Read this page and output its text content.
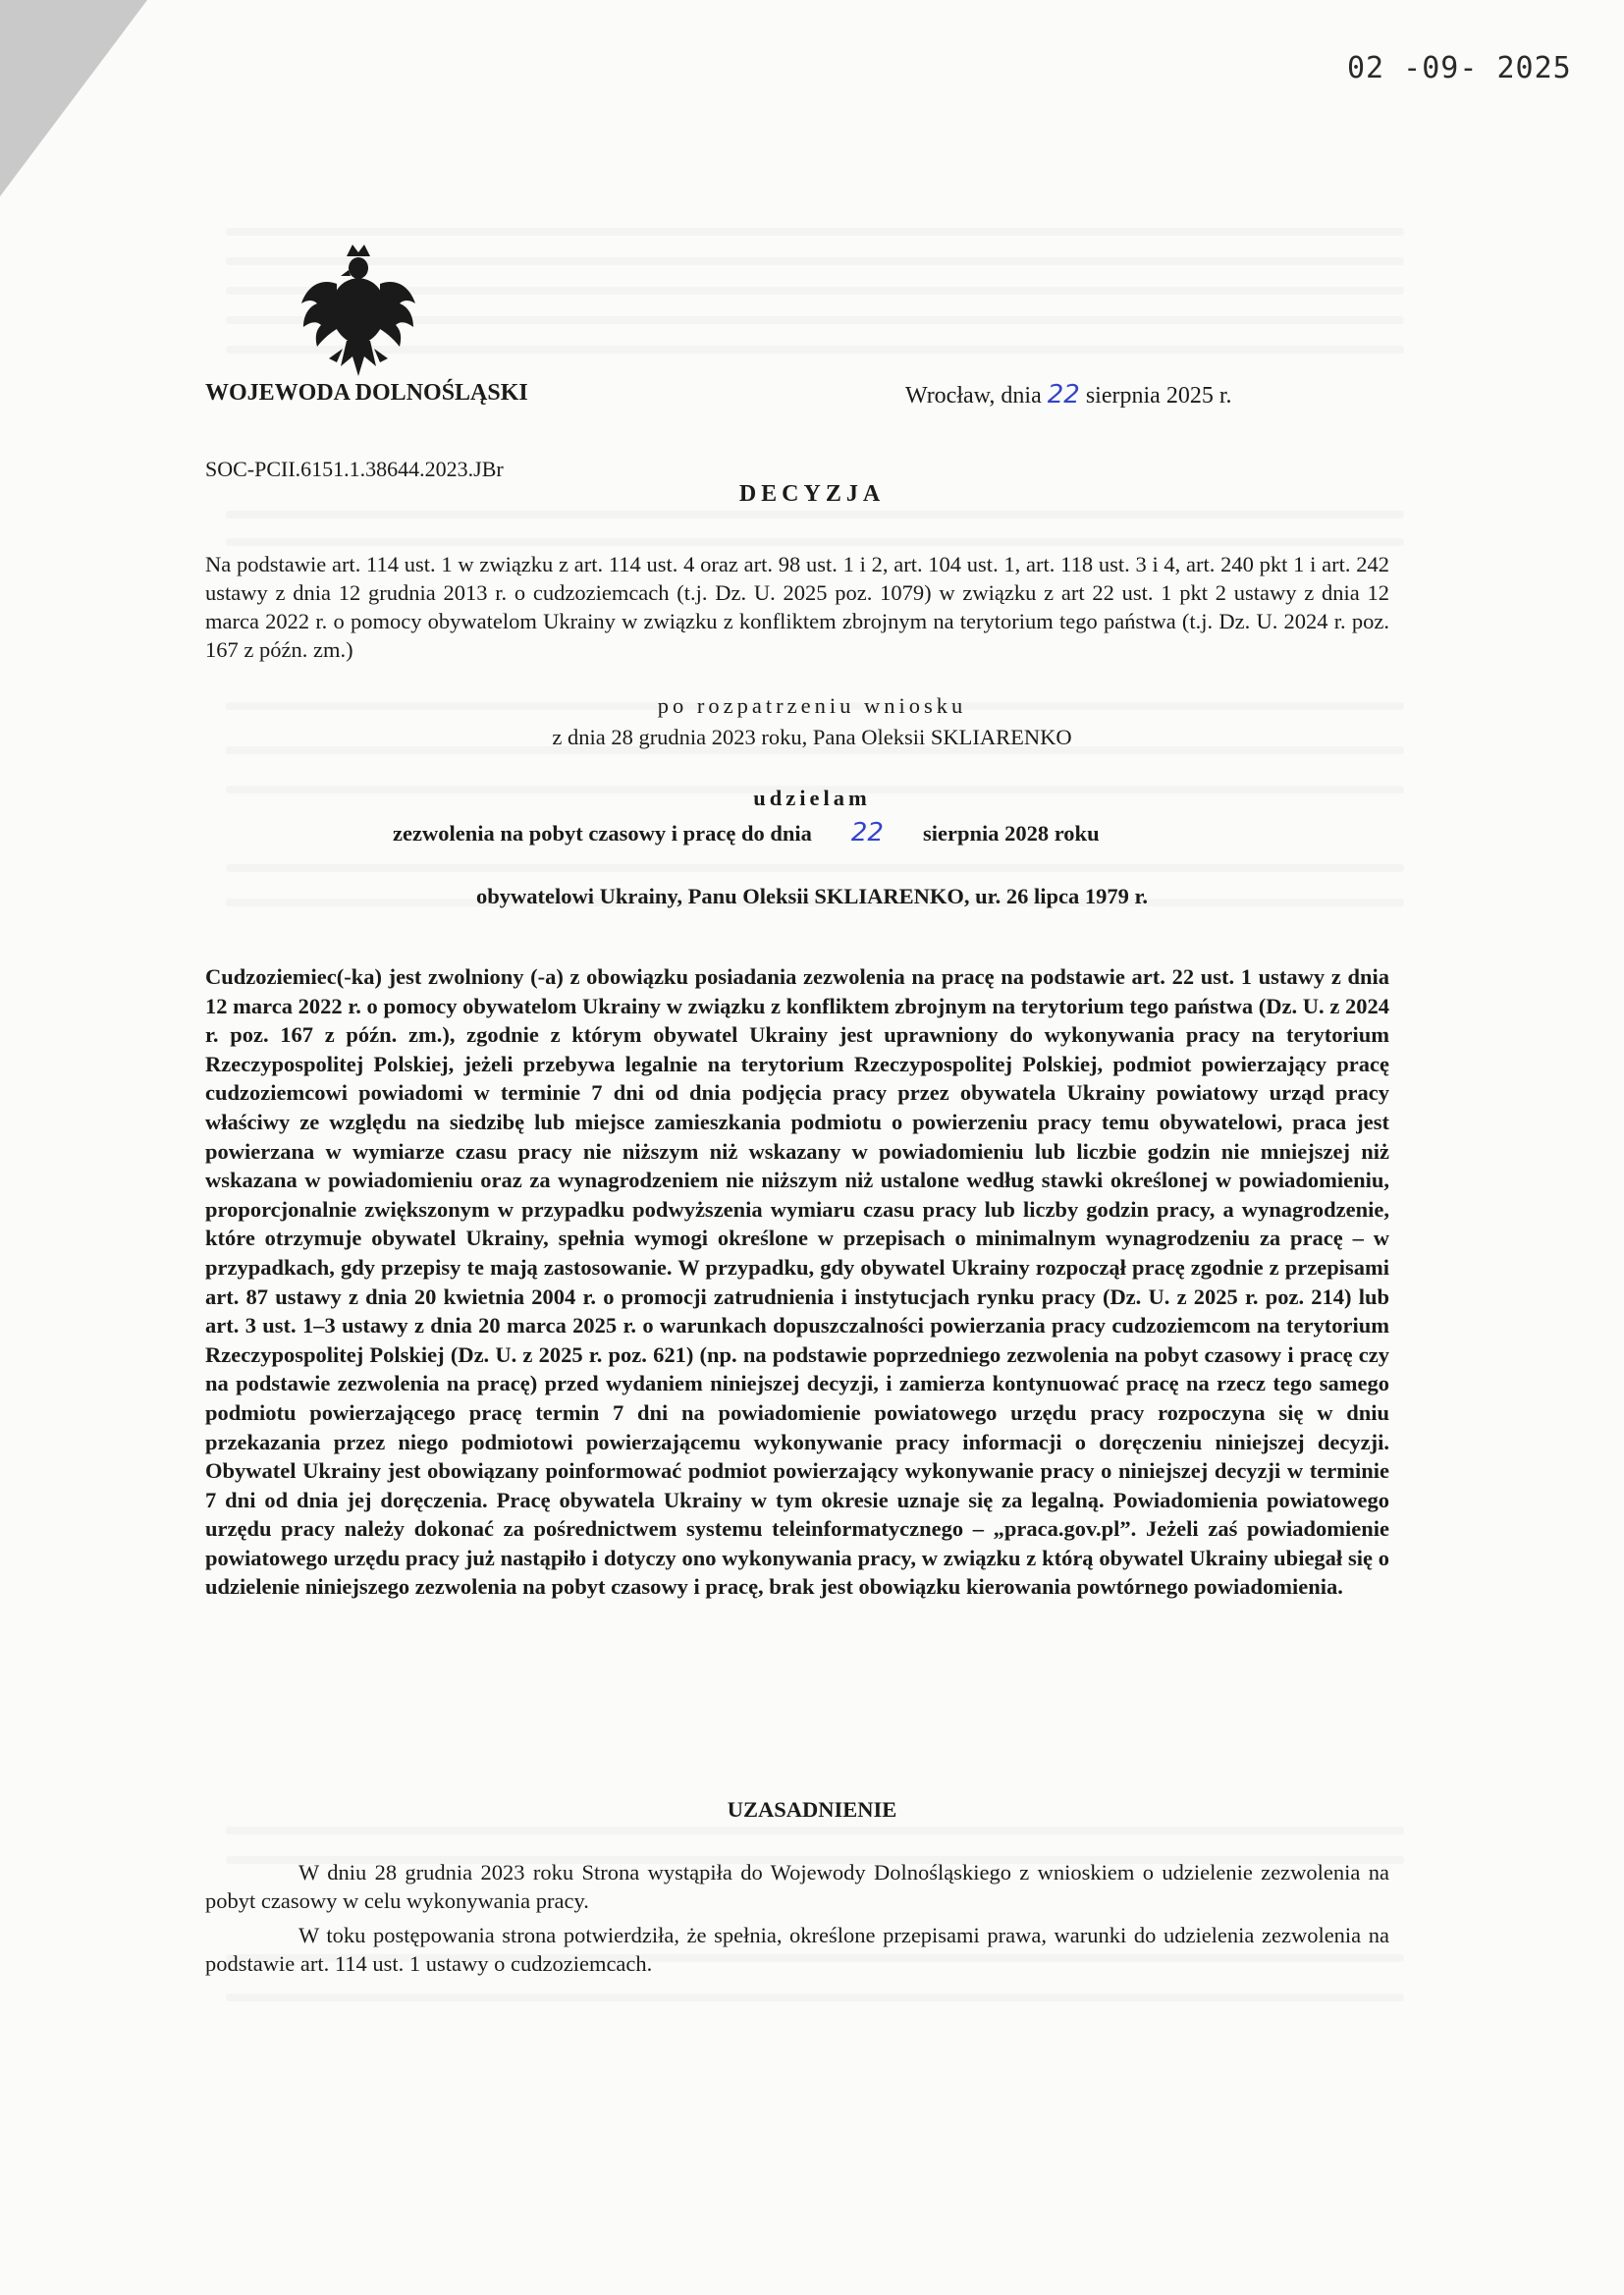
02 -09- 2025
WOJEWODA DOLNOŚLĄSKI	Wrocław, dnia 22 sierpnia 2025 r.
SOC-PCII.6151.1.38644.2023.JBr
DECYZJA
Na podstawie art. 114 ust. 1 w związku z art. 114 ust. 4 oraz art. 98 ust. 1 i 2, art. 104 ust. 1, art. 118 ust. 3 i 4, art. 240 pkt 1 i art. 242 ustawy z dnia 12 grudnia 2013 r. o cudzoziemcach (t.j. Dz. U. 2025 poz. 1079) w związku z art 22 ust. 1 pkt 2 ustawy z dnia 12 marca 2022 r. o pomocy obywatelom Ukrainy w związku z konfliktem zbrojnym na terytorium tego państwa (t.j. Dz. U. 2024 r. poz. 167 z późn. zm.)
po rozpatrzeniu wniosku
z dnia 28 grudnia 2023 roku, Pana Oleksii SKLIARENKO
udzielam
zezwolenia na pobyt czasowy i pracę do dnia 22 sierpnia 2028 roku
obywatelowi Ukrainy, Panu Oleksii SKLIARENKO, ur. 26 lipca 1979 r.
Cudzoziemiec(-ka) jest zwolniony (-a) z obowiązku posiadania zezwolenia na pracę na podstawie art. 22 ust. 1 ustawy z dnia 12 marca 2022 r. o pomocy obywatelom Ukrainy w związku z konfliktem zbrojnym na terytorium tego państwa (Dz. U. z 2024 r. poz. 167 z późn. zm.), zgodnie z którym obywatel Ukrainy jest uprawniony do wykonywania pracy na terytorium Rzeczypospolitej Polskiej, jeżeli przebywa legalnie na terytorium Rzeczypospolitej Polskiej, podmiot powierzający pracę cudzoziemcowi powiadomi w terminie 7 dni od dnia podjęcia pracy przez obywatela Ukrainy powiatowy urząd pracy właściwy ze względu na siedzibę lub miejsce zamieszkania podmiotu o powierzeniu pracy temu obywatelowi, praca jest powierzana w wymiarze czasu pracy nie niższym niż wskazany w powiadomieniu lub liczbie godzin nie mniejszej niż wskazana w powiadomieniu oraz za wynagrodzeniem nie niższym niż ustalone według stawki określonej w powiadomieniu, proporcjonalnie zwiększonym w przypadku podwyższenia wymiaru czasu pracy lub liczby godzin pracy, a wynagrodzenie, które otrzymuje obywatel Ukrainy, spełnia wymogi określone w przepisach o minimalnym wynagrodzeniu za pracę – w przypadkach, gdy przepisy te mają zastosowanie. W przypadku, gdy obywatel Ukrainy rozpoczął pracę zgodnie z przepisami art. 87 ustawy z dnia 20 kwietnia 2004 r. o promocji zatrudnienia i instytucjach rynku pracy (Dz. U. z 2025 r. poz. 214) lub art. 3 ust. 1–3 ustawy z dnia 20 marca 2025 r. o warunkach dopuszczalności powierzania pracy cudzoziemcom na terytorium Rzeczypospolitej Polskiej (Dz. U. z 2025 r. poz. 621) (np. na podstawie poprzedniego zezwolenia na pobyt czasowy i pracę czy na podstawie zezwolenia na pracę) przed wydaniem niniejszej decyzji, i zamierza kontynuować pracę na rzecz tego samego podmiotu powierzającego pracę termin 7 dni na powiadomienie powiatowego urzędu pracy rozpoczyna się w dniu przekazania przez niego podmiotowi powierzającemu wykonywanie pracy informacji o doręczeniu niniejszej decyzji. Obywatel Ukrainy jest obowiązany poinformować podmiot powierzający wykonywanie pracy o niniejszej decyzji w terminie 7 dni od dnia jej doręczenia. Pracę obywatela Ukrainy w tym okresie uznaje się za legalną. Powiadomienia powiatowego urzędu pracy należy dokonać za pośrednictwem systemu teleinformatycznego – „praca.gov.pl”. Jeżeli zaś powiadomienie powiatowego urzędu pracy już nastąpiło i dotyczy ono wykonywania pracy, w związku z którą obywatel Ukrainy ubiegał się o udzielenie niniejszego zezwolenia na pobyt czasowy i pracę, brak jest obowiązku kierowania powtórnego powiadomienia.
UZASADNIENIE
W dniu 28 grudnia 2023 roku Strona wystąpiła do Wojewody Dolnośląskiego z wnioskiem o udzielenie zezwolenia na pobyt czasowy w celu wykonywania pracy.
W toku postępowania strona potwierdziła, że spełnia, określone przepisami prawa, warunki do udzielenia zezwolenia na podstawie art. 114 ust. 1 ustawy o cudzoziemcach.
